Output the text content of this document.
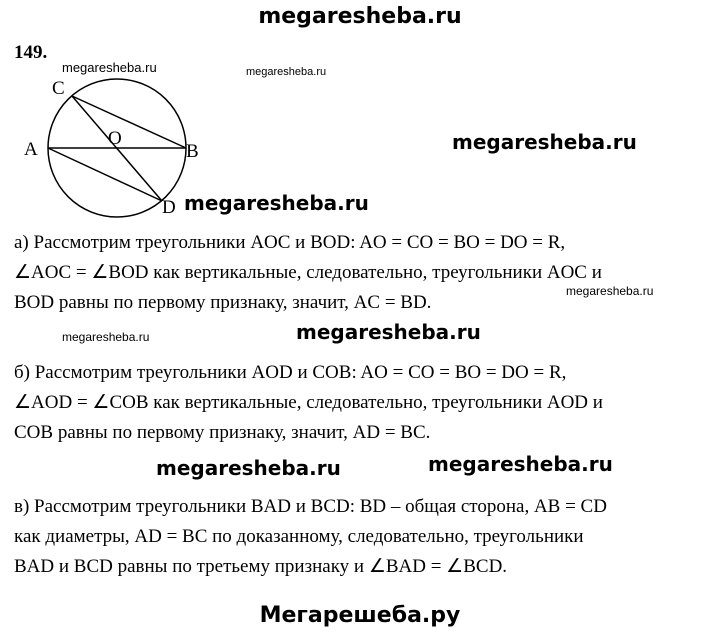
megaresheba.ru
149.
megaresheba.ru	megaresheba.ru
C
A
O
B
D
megaresheba.ru
megaresheba.ru
а) Рассмотрим треугольники AOC и BOD: AO = CO = BO = DO = R,
∠AOC = ∠BOD как вертикальные, следовательно, треугольники AOC и
BOD равны по первому признаку, значит, AC = BD.
megaresheba.ru
megaresheba.ru	megaresheba.ru
б) Рассмотрим треугольники AOD и COB: AO = CO = BO = DO = R,
∠AOD = ∠COB как вертикальные, следовательно, треугольники AOD и
COB равны по первому признаку, значит, AD = BC.
megaresheba.ru	megaresheba.ru
в) Рассмотрим треугольники BAD и BCD: BD – общая сторона, AB = CD
как диаметры, AD = BC по доказанному, следовательно, треугольники
BAD и BCD равны по третьему признаку и ∠BAD = ∠BCD.
Мегарешеба.ру
